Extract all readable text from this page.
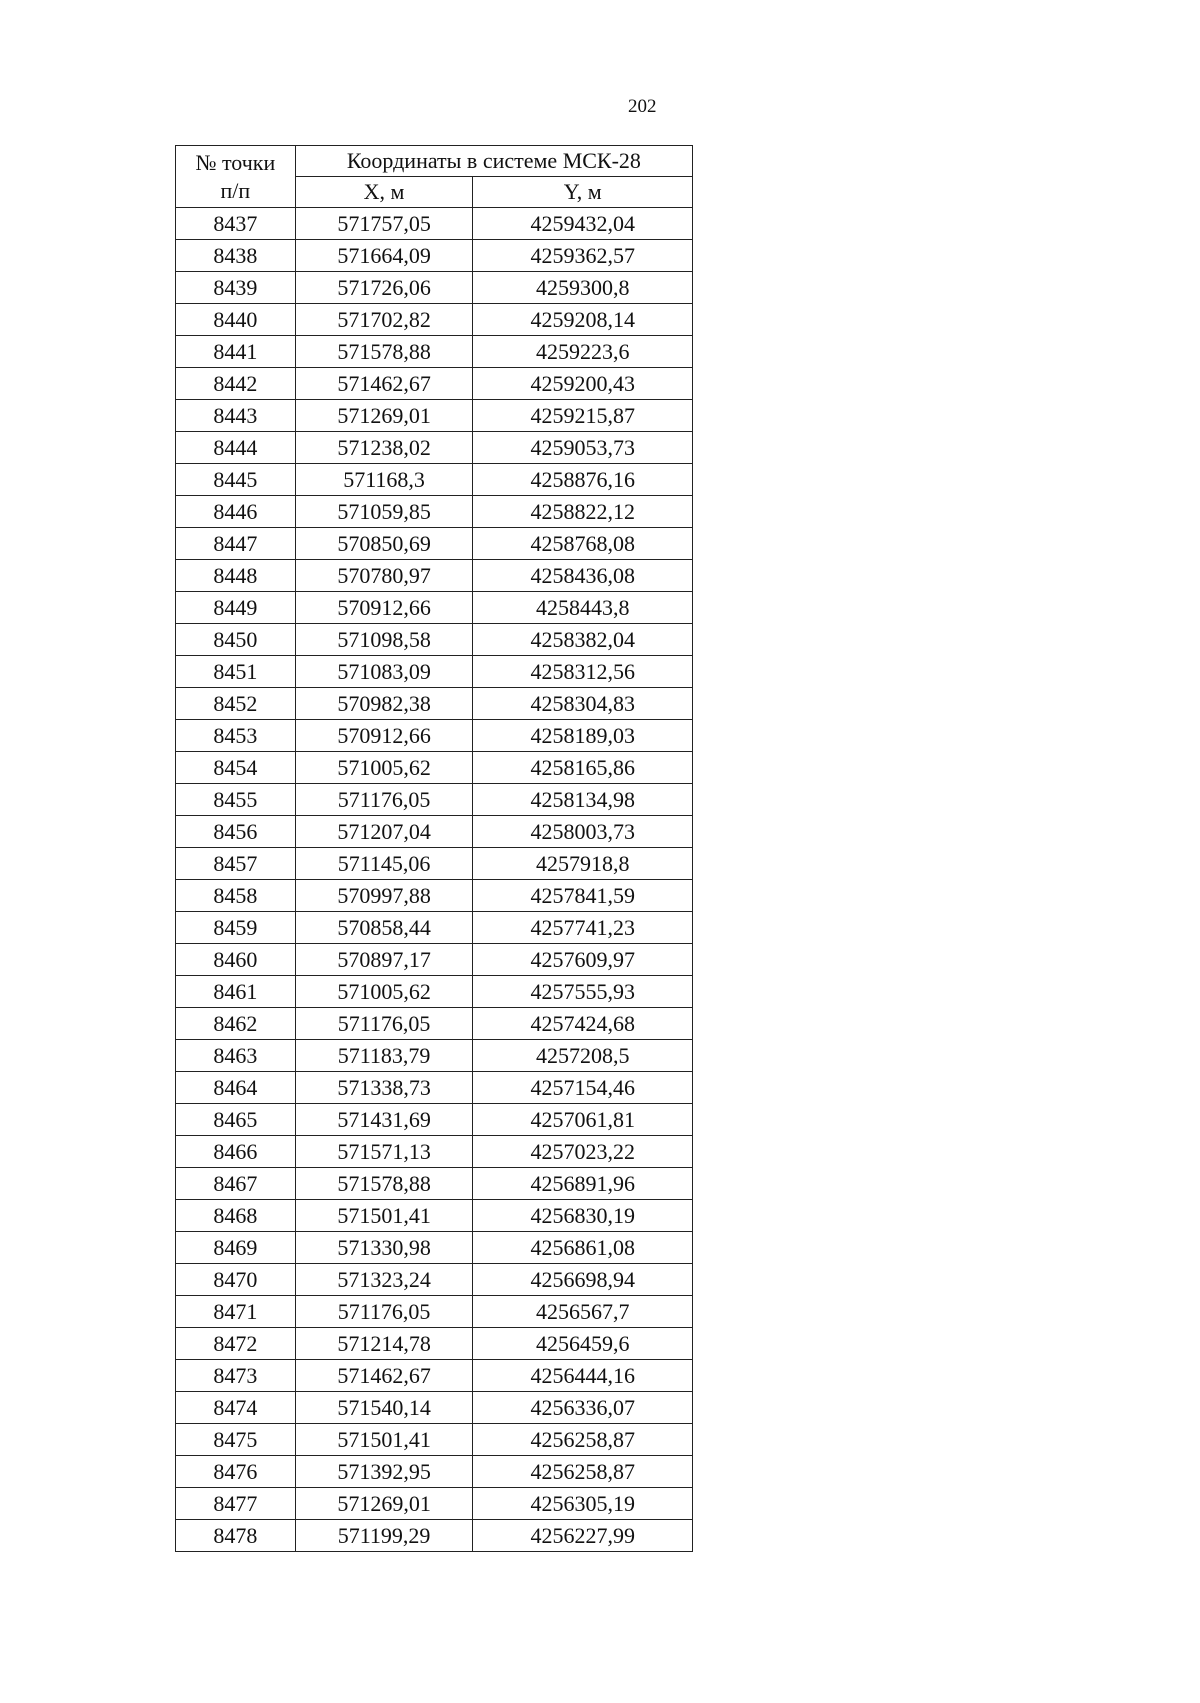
202
№ точки
п/п	Координаты в системе МСК-28	
	X, м	Y, м
8437	571757,05	4259432,04
8438	571664,09	4259362,57
8439	571726,06	4259300,8
8440	571702,82	4259208,14
8441	571578,88	4259223,6
8442	571462,67	4259200,43
8443	571269,01	4259215,87
8444	571238,02	4259053,73
8445	571168,3	4258876,16
8446	571059,85	4258822,12
8447	570850,69	4258768,08
8448	570780,97	4258436,08
8449	570912,66	4258443,8
8450	571098,58	4258382,04
8451	571083,09	4258312,56
8452	570982,38	4258304,83
8453	570912,66	4258189,03
8454	571005,62	4258165,86
8455	571176,05	4258134,98
8456	571207,04	4258003,73
8457	571145,06	4257918,8
8458	570997,88	4257841,59
8459	570858,44	4257741,23
8460	570897,17	4257609,97
8461	571005,62	4257555,93
8462	571176,05	4257424,68
8463	571183,79	4257208,5
8464	571338,73	4257154,46
8465	571431,69	4257061,81
8466	571571,13	4257023,22
8467	571578,88	4256891,96
8468	571501,41	4256830,19
8469	571330,98	4256861,08
8470	571323,24	4256698,94
8471	571176,05	4256567,7
8472	571214,78	4256459,6
8473	571462,67	4256444,16
8474	571540,14	4256336,07
8475	571501,41	4256258,87
8476	571392,95	4256258,87
8477	571269,01	4256305,19
8478	571199,29	4256227,99
